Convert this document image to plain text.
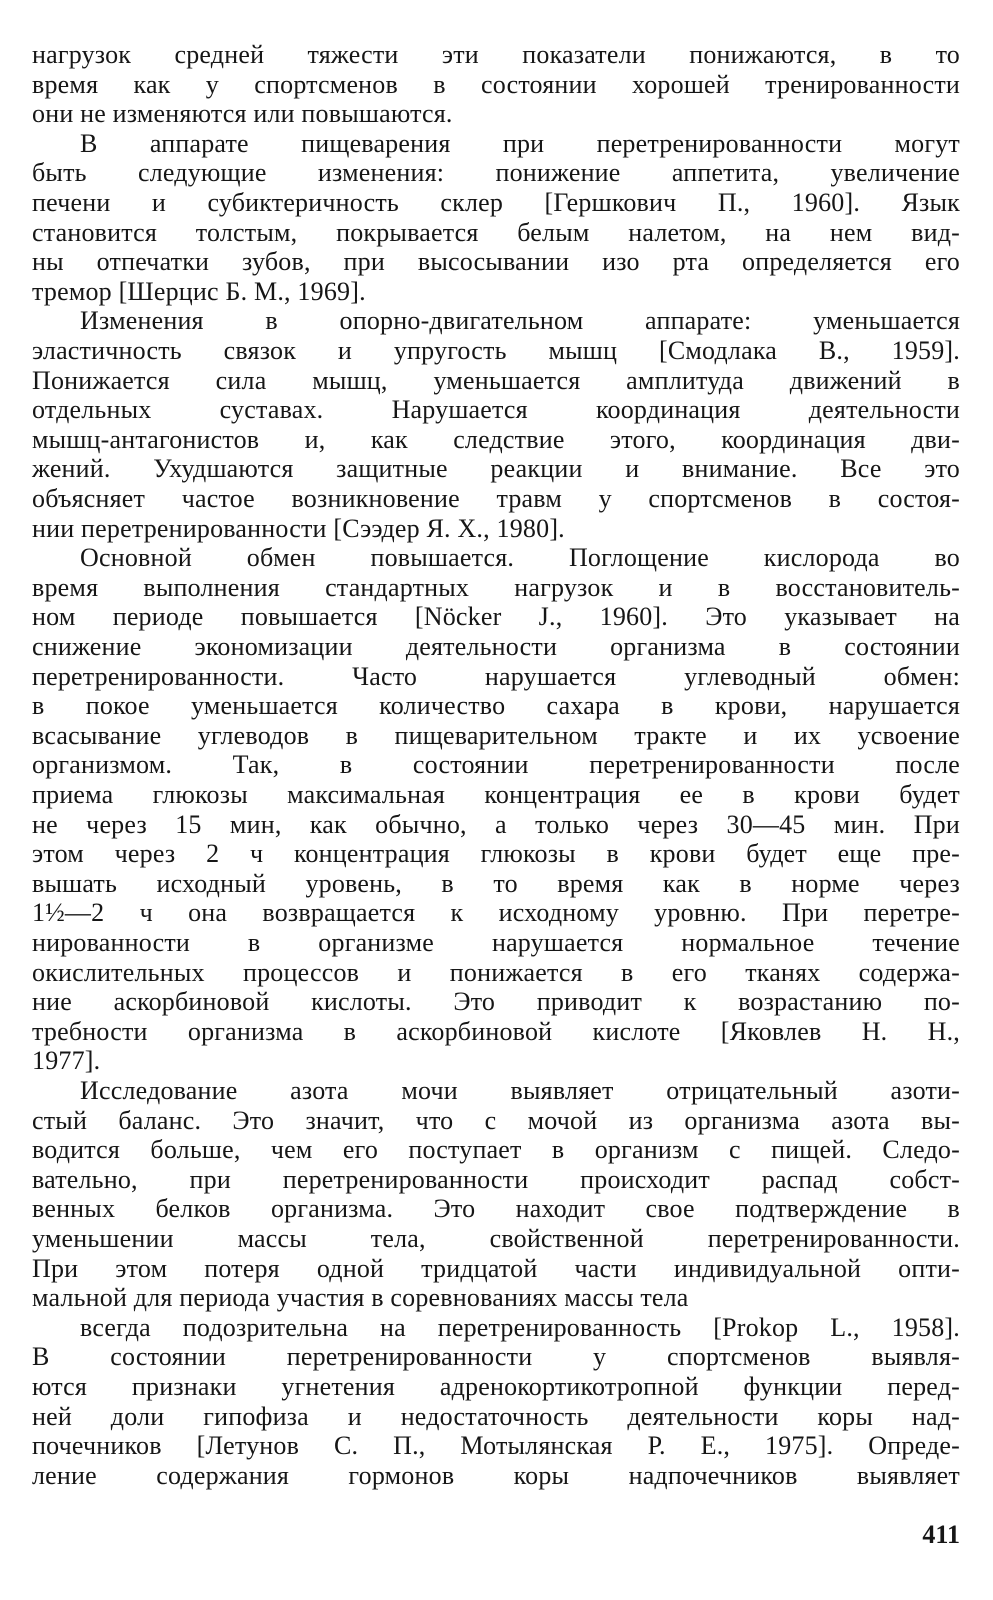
нагрузок средней тяжести эти показатели понижаются, в то
время как у спортсменов в состоянии хорошей тренированности
они не изменяются или повышаются.
В аппарате пищеварения при перетренированности могут
быть следующие изменения: понижение аппетита, увеличение
печени и субиктеричность склер [Гершкович П., 1960]. Язык
становится толстым, покрывается белым налетом, на нем вид-
ны отпечатки зубов, при высосывании изо рта определяется его
тремор [Шерцис Б. М., 1969].
Изменения в опорно-двигательном аппарате: уменьшается
эластичность связок и упругость мышц [Смодлака В., 1959].
Понижается сила мышц, уменьшается амплитуда движений в
отдельных суставах. Нарушается координация деятельности
мышц-антагонистов и, как следствие этого, координация дви-
жений. Ухудшаются защитные реакции и внимание. Все это
объясняет частое возникновение травм у спортсменов в состоя-
нии перетренированности [Сээдер Я. X., 1980].
Основной обмен повышается. Поглощение кислорода во
время выполнения стандартных нагрузок и в восстановитель-
ном периоде повышается [Nöcker J., 1960]. Это указывает на
снижение экономизации деятельности организма в состоянии
перетренированности. Часто нарушается углеводный обмен:
в покое уменьшается количество сахара в крови, нарушается
всасывание углеводов в пищеварительном тракте и их усвоение
организмом. Так, в состоянии перетренированности после
приема глюкозы максимальная концентрация ее в крови будет
не через 15 мин, как обычно, а только через 30—45 мин. При
этом через 2 ч концентрация глюкозы в крови будет еще пре-
вышать исходный уровень, в то время как в норме через
1½—2 ч она возвращается к исходному уровню. При перетре-
нированности в организме нарушается нормальное течение
окислительных процессов и понижается в его тканях содержа-
ние аскорбиновой кислоты. Это приводит к возрастанию по-
требности организма в аскорбиновой кислоте [Яковлев Н. Н.,
1977].
Исследование азота мочи выявляет отрицательный азоти-
стый баланс. Это значит, что с мочой из организма азота вы-
водится больше, чем его поступает в организм с пищей. Следо-
вательно, при перетренированности происходит распад собст-
венных белков организма. Это находит свое подтверждение в
уменьшении массы тела, свойственной перетренированности.
При этом потеря одной тридцатой части индивидуальной опти-
мальной для периода участия в соревнованиях массы тела
всегда подозрительна на перетренированность [Prokop L., 1958].
В состоянии перетренированности у спортсменов выявля-
ются признаки угнетения адренокортикотропной функции перед-
ней доли гипофиза и недостаточность деятельности коры над-
почечников [Летунов С. П., Мотылянская Р. Е., 1975]. Опреде-
ление содержания гормонов коры надпочечников выявляет
411
